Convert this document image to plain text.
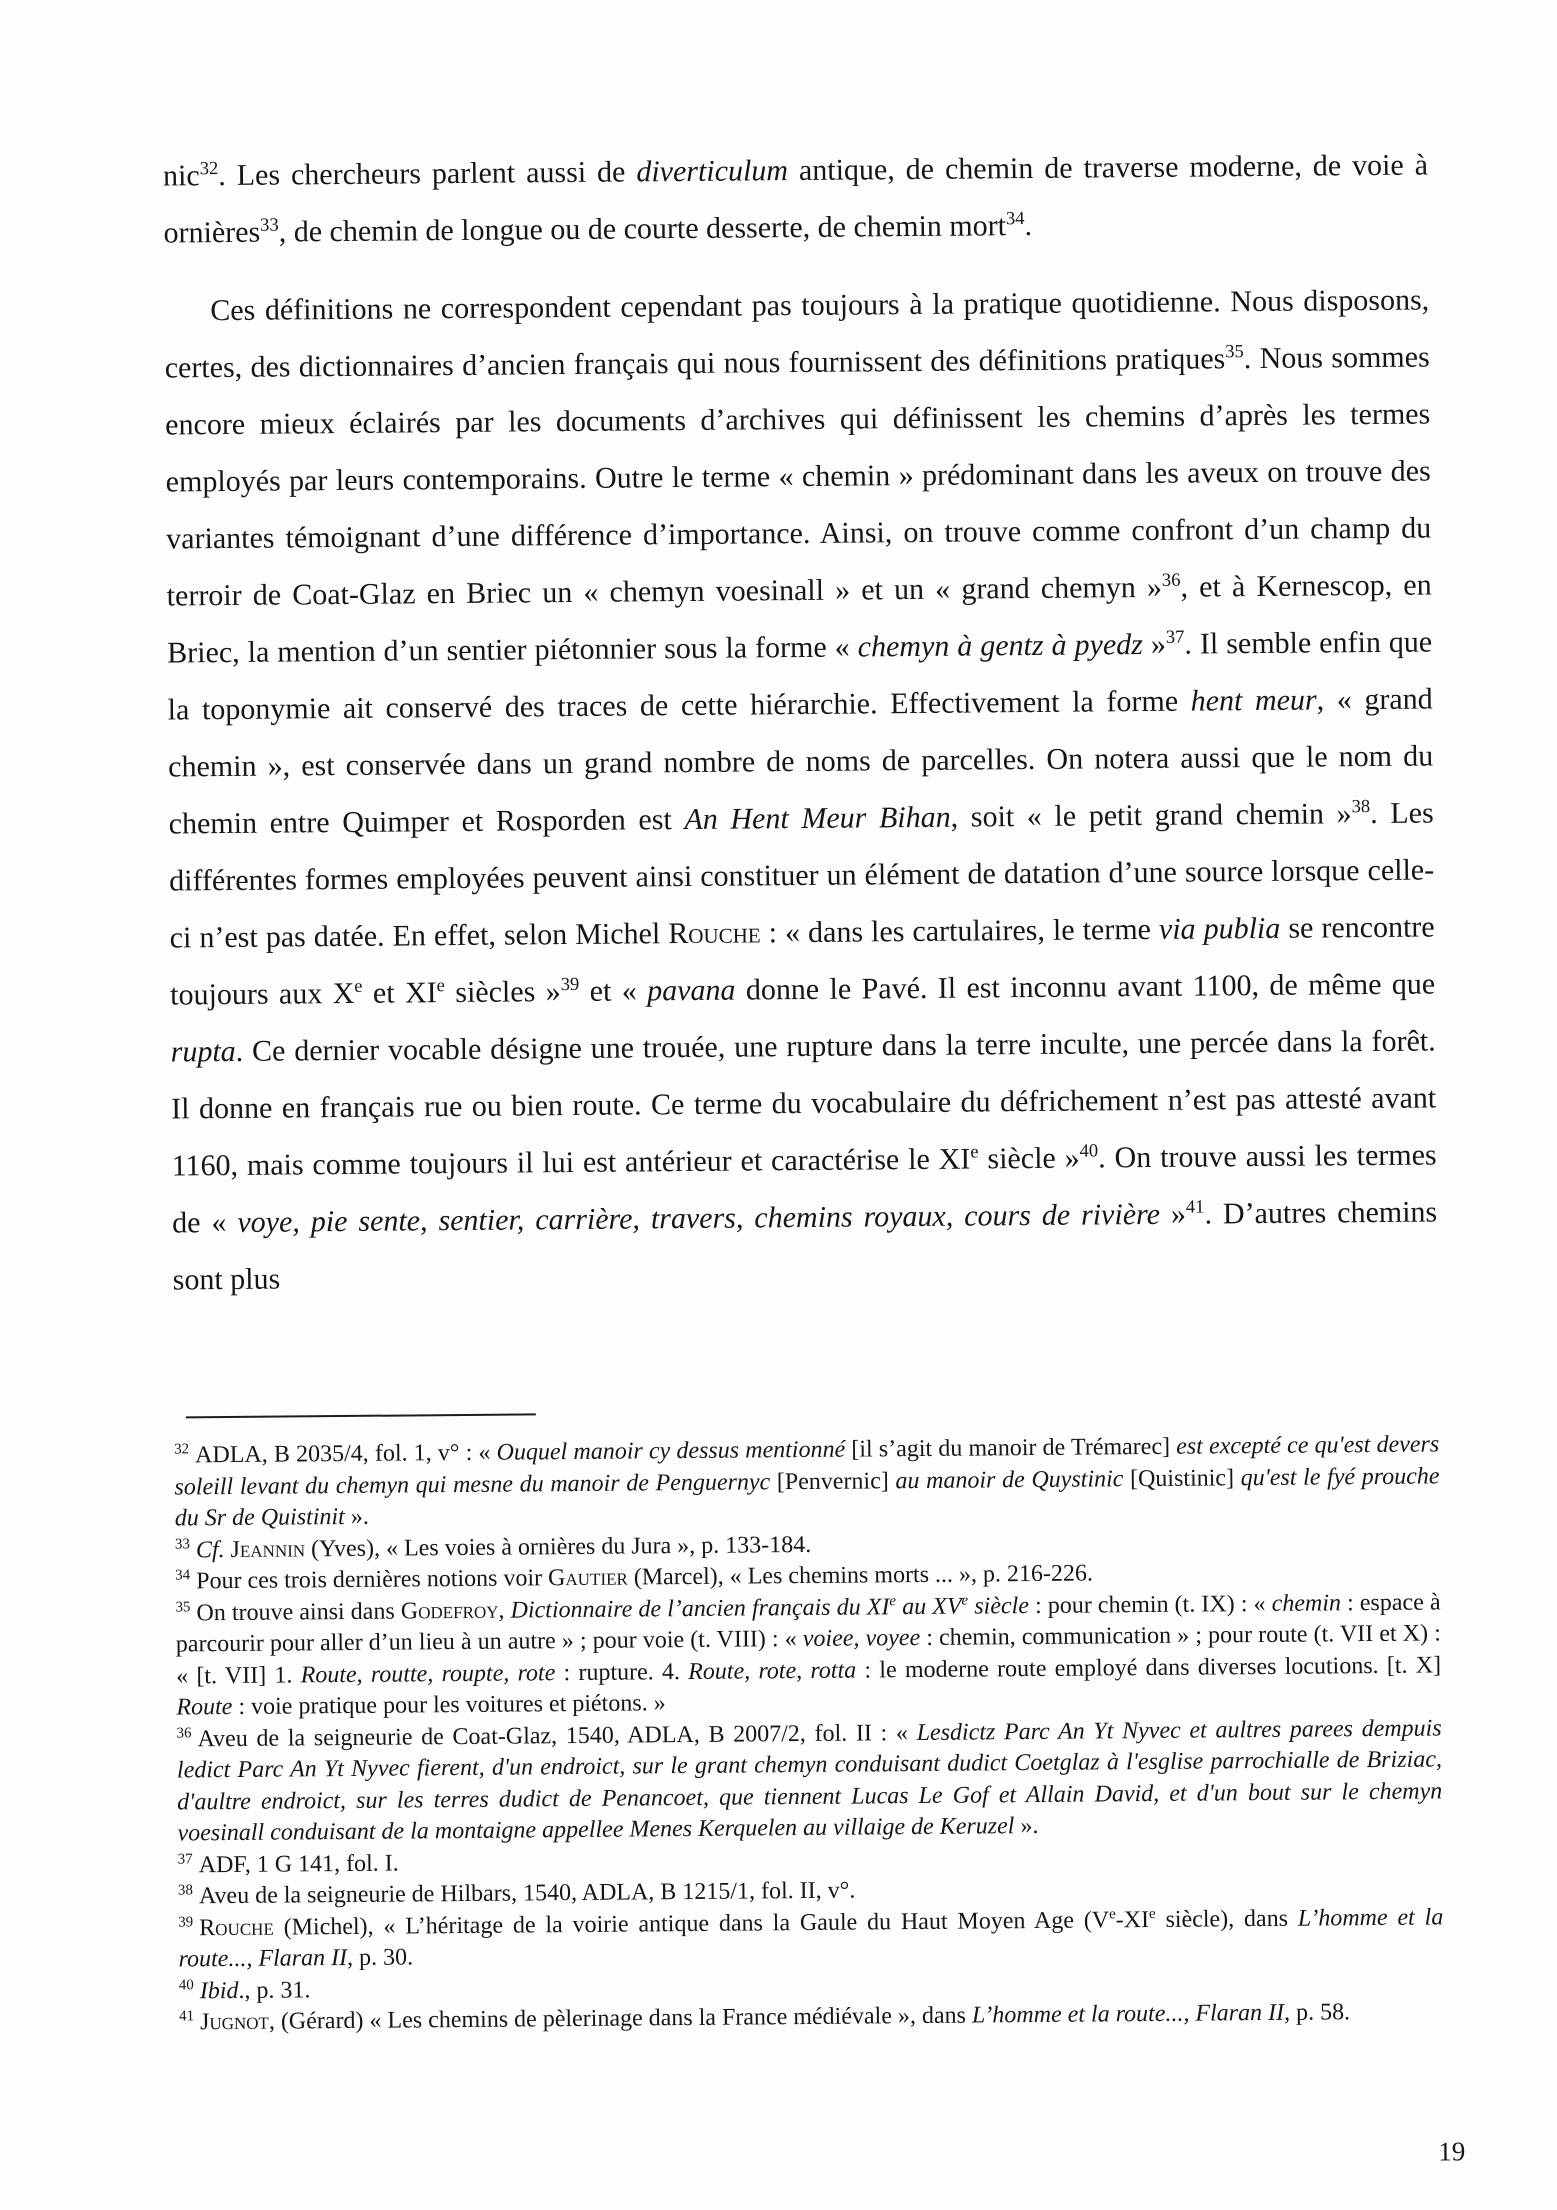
nic$^{32}$. Les chercheurs parlent aussi de diverticulum antique, de chemin de traverse moderne, de voie à ornières$^{33}$, de chemin de longue ou de courte desserte, de chemin mort$^{34}$.

Ces définitions ne correspondent cependant pas toujours à la pratique quotidienne. Nous disposons, certes, des dictionnaires d’ancien français qui nous fournissent des définitions pratiques$^{35}$. Nous sommes encore mieux éclairés par les documents d’archives qui définissent les chemins d’après les termes employés par leurs contemporains. Outre le terme « chemin » prédominant dans les aveux on trouve des variantes témoignant d’une différence d’importance. Ainsi, on trouve comme confront d’un champ du terroir de Coat-Glaz en Briec un « chemyn voesinall » et un « grand chemyn »$^{36}$, et à Kernescop, en Briec, la mention d’un sentier piétonnier sous la forme « chemyn à gentz à pyedz »$^{37}$. Il semble enfin que la toponymie ait conservé des traces de cette hiérarchie. Effectivement la forme hent meur, « grand chemin », est conservée dans un grand nombre de noms de parcelles. On notera aussi que le nom du chemin entre Quimper et Rosporden est An Hent Meur Bihan, soit « le petit grand chemin »$^{38}$. Les différentes formes employées peuvent ainsi constituer un élément de datation d’une source lorsque celle-ci n’est pas datée. En effet, selon Michel Rouche : « dans les cartulaires, le terme via publia se rencontre toujours aux Xe et XIe siècles »$^{39}$ et « pavana donne le Pavé. Il est inconnu avant 1100, de même que rupta. Ce dernier vocable désigne une trouée, une rupture dans la terre inculte, une percée dans la forêt. Il donne en français rue ou bien route. Ce terme du vocabulaire du défrichement n’est pas attesté avant 1160, mais comme toujours il lui est antérieur et caractérise le XIe siècle »$^{40}$. On trouve aussi les termes de « voye, pie sente, sentier, carrière, travers, chemins royaux, cours de rivière »$^{41}$. D’autres chemins sont plus

$^{32}$ ADLA, B 2035/4, fol. 1, v° : « Ouquel manoir cy dessus mentionné [il s’agit du manoir de Trémarec] est excepté ce qu'est devers soleill levant du chemyn qui mesne du manoir de Penguernyc [Penvernic] au manoir de Quystinic [Quistinic] qu'est le fyé prouche du Sr de Quistinit ».
$^{33}$ Cf. Jeannin (Yves), « Les voies à ornières du Jura », p. 133-184.
$^{34}$ Pour ces trois dernières notions voir Gautier (Marcel), « Les chemins morts ... », p. 216-226.
$^{35}$ On trouve ainsi dans Godefroy, Dictionnaire de l’ancien français du XIe au XVe siècle : pour chemin (t. IX) : « chemin : espace à parcourir pour aller d’un lieu à un autre » ; pour voie (t. VIII) : « voiee, voyee : chemin, communication » ; pour route (t. VII et X) : « [t. VII] 1. Route, routte, roupte, rote : rupture. 4. Route, rote, rotta : le moderne route employé dans diverses locutions. [t. X] Route : voie pratique pour les voitures et piétons. »
$^{36}$ Aveu de la seigneurie de Coat-Glaz, 1540, ADLA, B 2007/2, fol. II : « Lesdictz Parc An Yt Nyvec et aultres parees dempuis ledict Parc An Yt Nyvec fierent, d'un endroict, sur le grant chemyn conduisant dudict Coetglaz à l'esglise parrochialle de Briziac, d'aultre endroict, sur les terres dudict de Penancoet, que tiennent Lucas Le Gof et Allain David, et d'un bout sur le chemyn voesinall conduisant de la montaigne appellee Menes Kerquelen au villaige de Keruzel ».
$^{37}$ ADF, 1 G 141, fol. I.
$^{38}$ Aveu de la seigneurie de Hilbars, 1540, ADLA, B 1215/1, fol. II, v°.
$^{39}$ Rouche (Michel), « L’héritage de la voirie antique dans la Gaule du Haut Moyen Age (Ve-XIe siècle), dans L’homme et la route..., Flaran II, p. 30.
$^{40}$ Ibid., p. 31.
$^{41}$ Jugnot, (Gérard) « Les chemins de pèlerinage dans la France médiévale », dans L’homme et la route..., Flaran II, p. 58.
19
